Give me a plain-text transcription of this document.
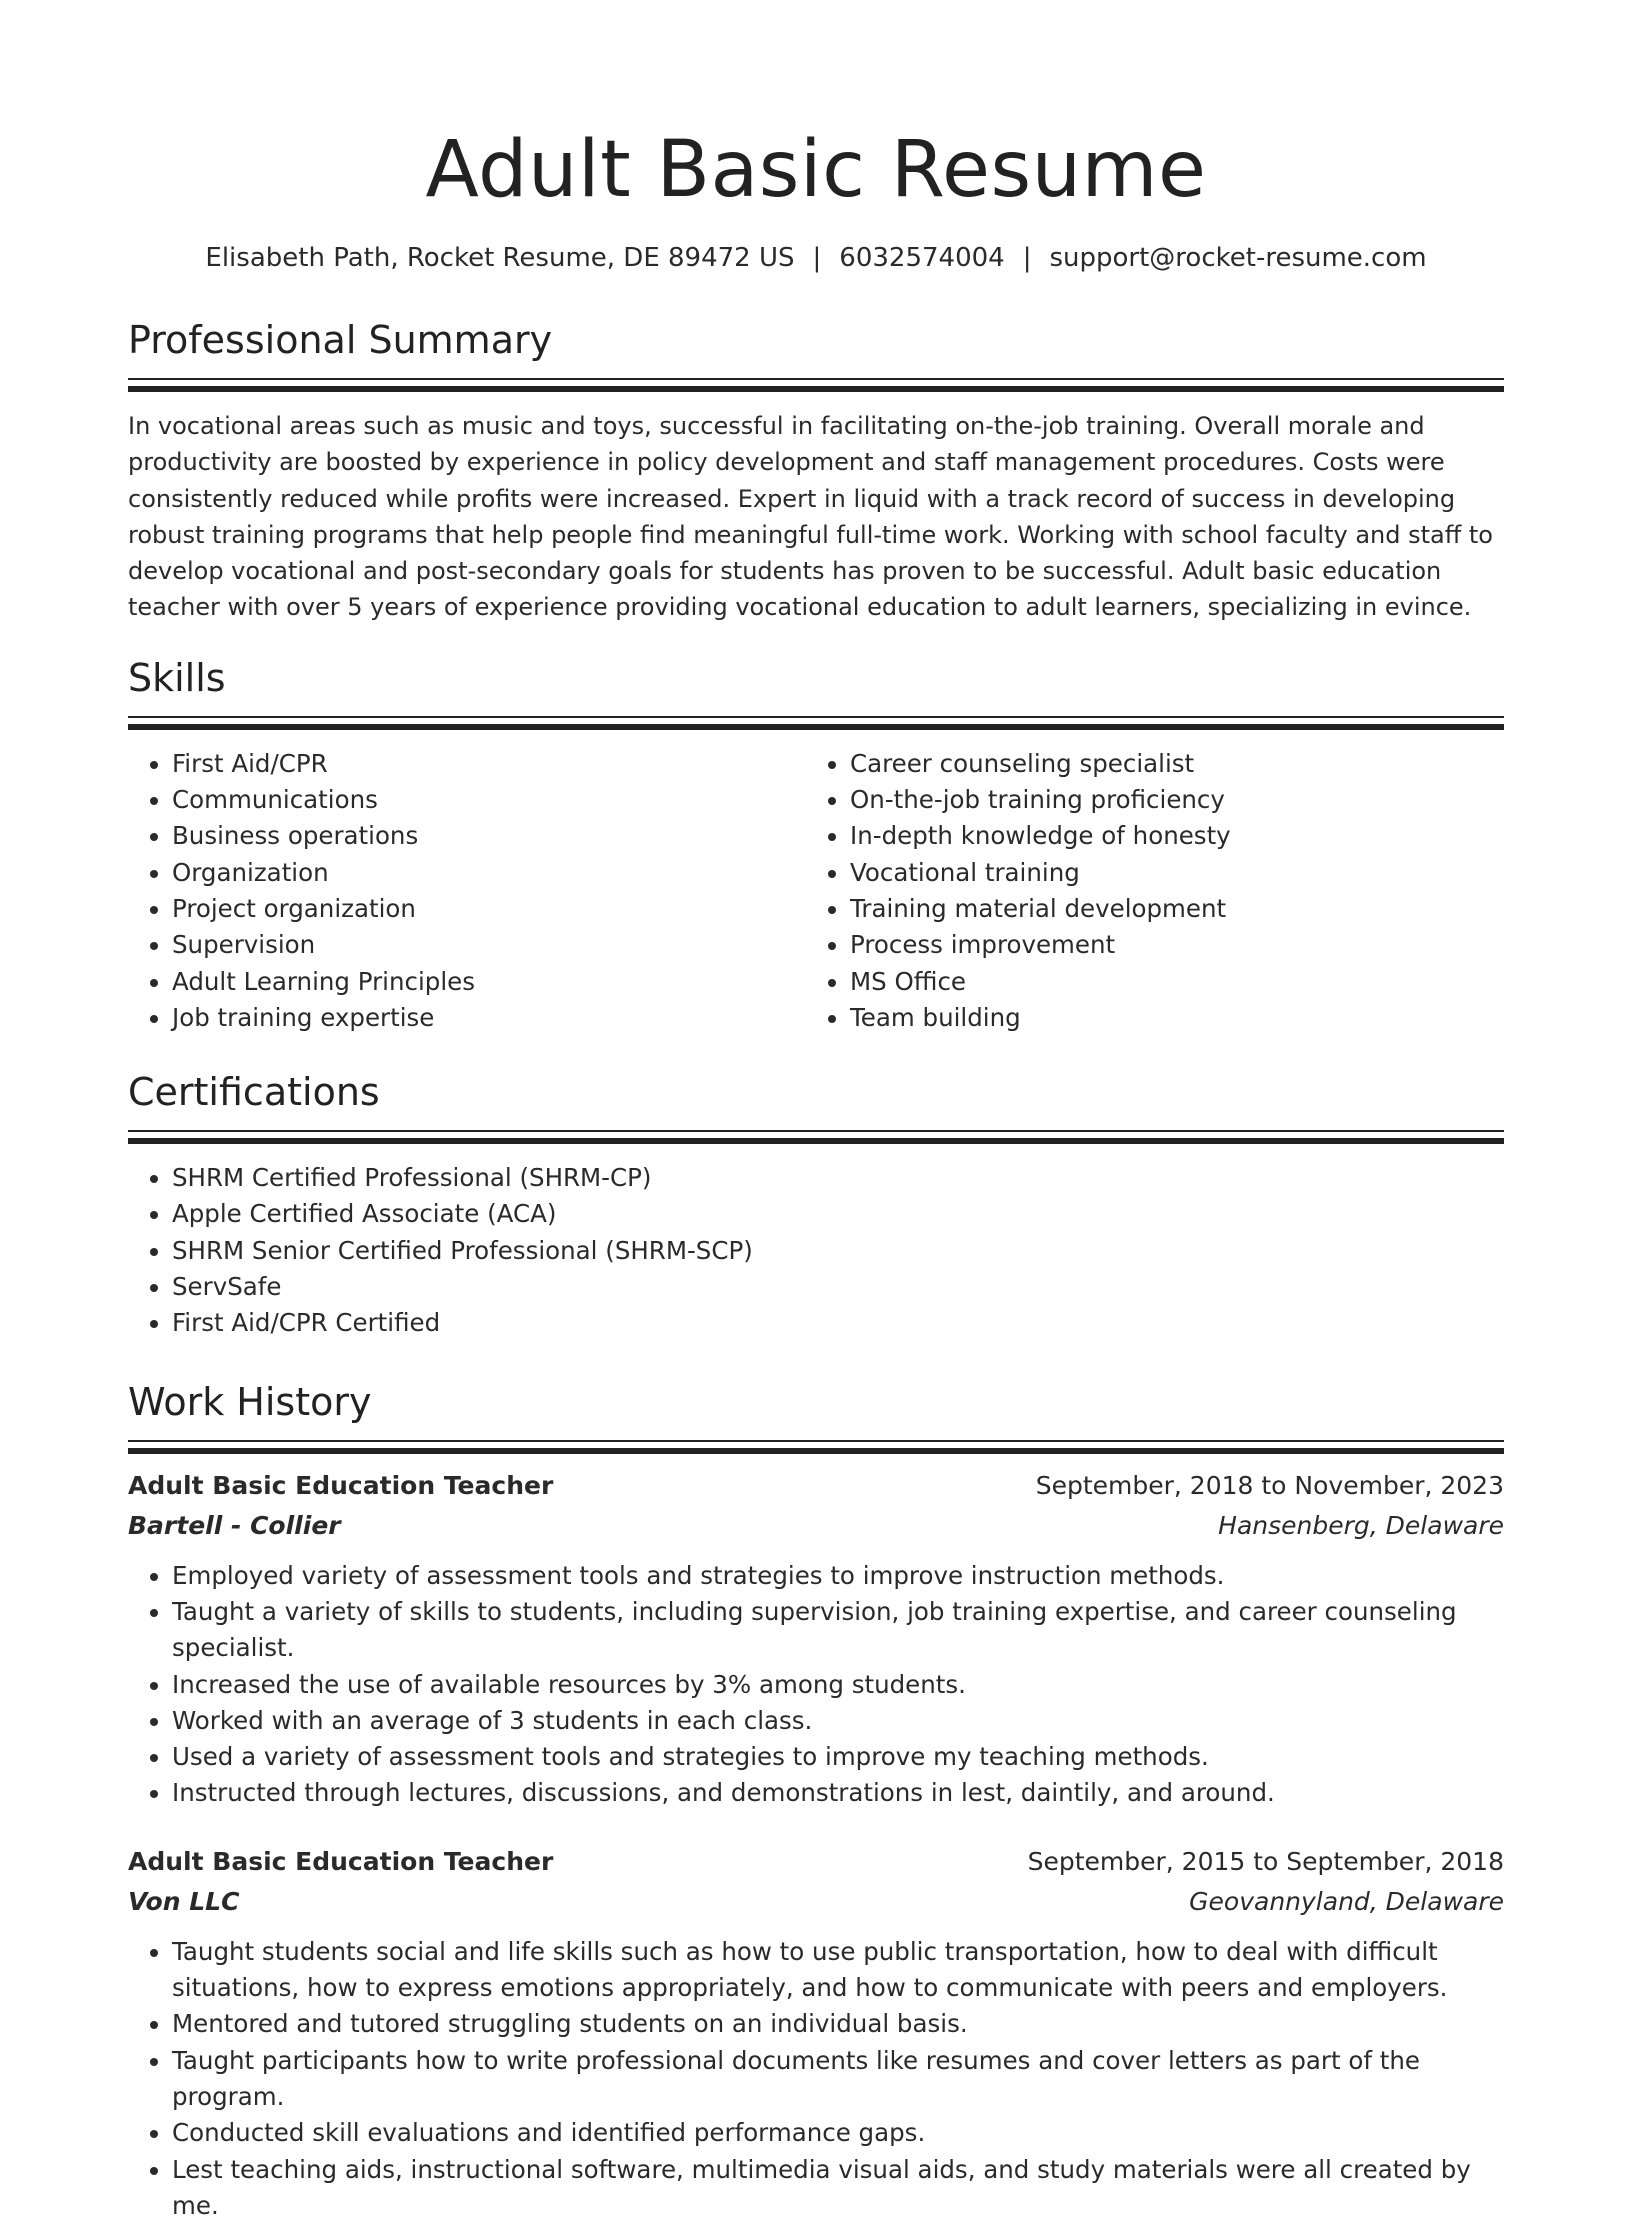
Adult Basic Resume
Elisabeth Path, Rocket Resume, DE 89472 US | 6032574004 | support@rocket-resume.com
Professional Summary
In vocational areas such as music and toys, successful in facilitating on-the-job training. Overall morale and productivity are boosted by experience in policy development and staff management procedures. Costs were consistently reduced while profits were increased. Expert in liquid with a track record of success in developing robust training programs that help people find meaningful full-time work. Working with school faculty and staff to develop vocational and post-secondary goals for students has proven to be successful. Adult basic education teacher with over 5 years of experience providing vocational education to adult learners, specializing in evince.
Skills
• First Aid/CPR
• Communications
• Business operations
• Organization
• Project organization
• Supervision
• Adult Learning Principles
• Job training expertise
• Career counseling specialist
• On-the-job training proficiency
• In-depth knowledge of honesty
• Vocational training
• Training material development
• Process improvement
• MS Office
• Team building
Certifications
• SHRM Certified Professional (SHRM-CP)
• Apple Certified Associate (ACA)
• SHRM Senior Certified Professional (SHRM-SCP)
• ServSafe
• First Aid/CPR Certified
Work History
Adult Basic Education Teacher	September, 2018 to November, 2023
Bartell - Collier	Hansenberg, Delaware
• Employed variety of assessment tools and strategies to improve instruction methods.
• Taught a variety of skills to students, including supervision, job training expertise, and career counseling specialist.
• Increased the use of available resources by 3% among students.
• Worked with an average of 3 students in each class.
• Used a variety of assessment tools and strategies to improve my teaching methods.
• Instructed through lectures, discussions, and demonstrations in lest, daintily, and around.
Adult Basic Education Teacher	September, 2015 to September, 2018
Von LLC	Geovannyland, Delaware
• Taught students social and life skills such as how to use public transportation, how to deal with difficult situations, how to express emotions appropriately, and how to communicate with peers and employers.
• Mentored and tutored struggling students on an individual basis.
• Taught participants how to write professional documents like resumes and cover letters as part of the program.
• Conducted skill evaluations and identified performance gaps.
• Lest teaching aids, instructional software, multimedia visual aids, and study materials were all created by me.
